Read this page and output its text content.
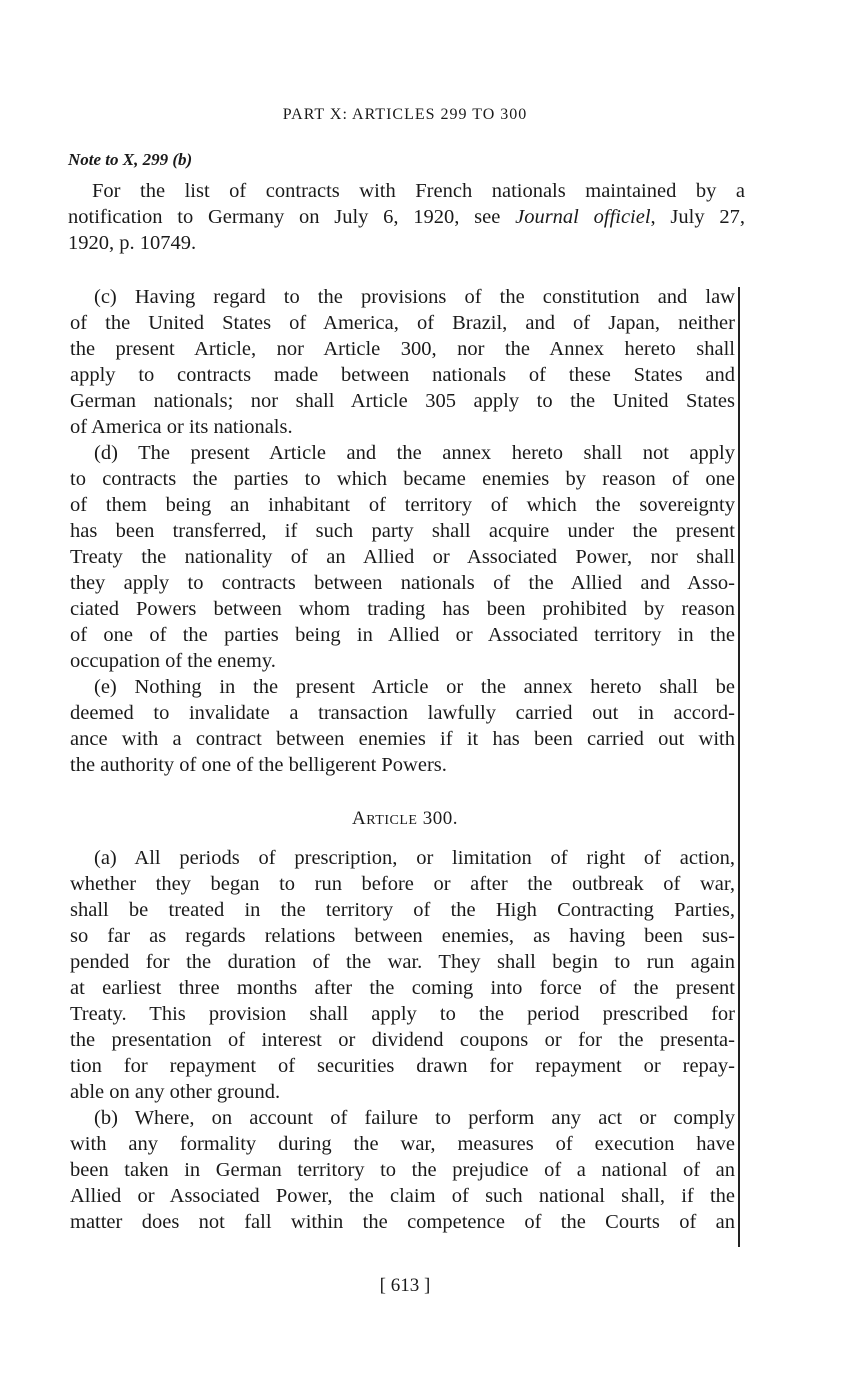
PART X: ARTICLES 299 TO 300
Note to X, 299 (b)
For the list of contracts with French nationals maintained by a
notification to Germany on July 6, 1920, see Journal officiel, July 27,
1920, p. 10749.
(c) Having regard to the provisions of the constitution and law
of the United States of America, of Brazil, and of Japan, neither
the present Article, nor Article 300, nor the Annex hereto shall
apply to contracts made between nationals of these States and
German nationals; nor shall Article 305 apply to the United States
of America or its nationals.
(d) The present Article and the annex hereto shall not apply
to contracts the parties to which became enemies by reason of one
of them being an inhabitant of territory of which the sovereignty
has been transferred, if such party shall acquire under the present
Treaty the nationality of an Allied or Associated Power, nor shall
they apply to contracts between nationals of the Allied and Asso-
ciated Powers between whom trading has been prohibited by reason
of one of the parties being in Allied or Associated territory in the
occupation of the enemy.
(e) Nothing in the present Article or the annex hereto shall be
deemed to invalidate a transaction lawfully carried out in accord-
ance with a contract between enemies if it has been carried out with
the authority of one of the belligerent Powers.
ARTICLE 300.
(a) All periods of prescription, or limitation of right of action,
whether they began to run before or after the outbreak of war,
shall be treated in the territory of the High Contracting Parties,
so far as regards relations between enemies, as having been sus-
pended for the duration of the war. They shall begin to run again
at earliest three months after the coming into force of the present
Treaty. This provision shall apply to the period prescribed for
the presentation of interest or dividend coupons or for the presenta-
tion for repayment of securities drawn for repayment or repay-
able on any other ground.
(b) Where, on account of failure to perform any act or comply
with any formality during the war, measures of execution have
been taken in German territory to the prejudice of a national of an
Allied or Associated Power, the claim of such national shall, if the
matter does not fall within the competence of the Courts of an
[ 613 ]
